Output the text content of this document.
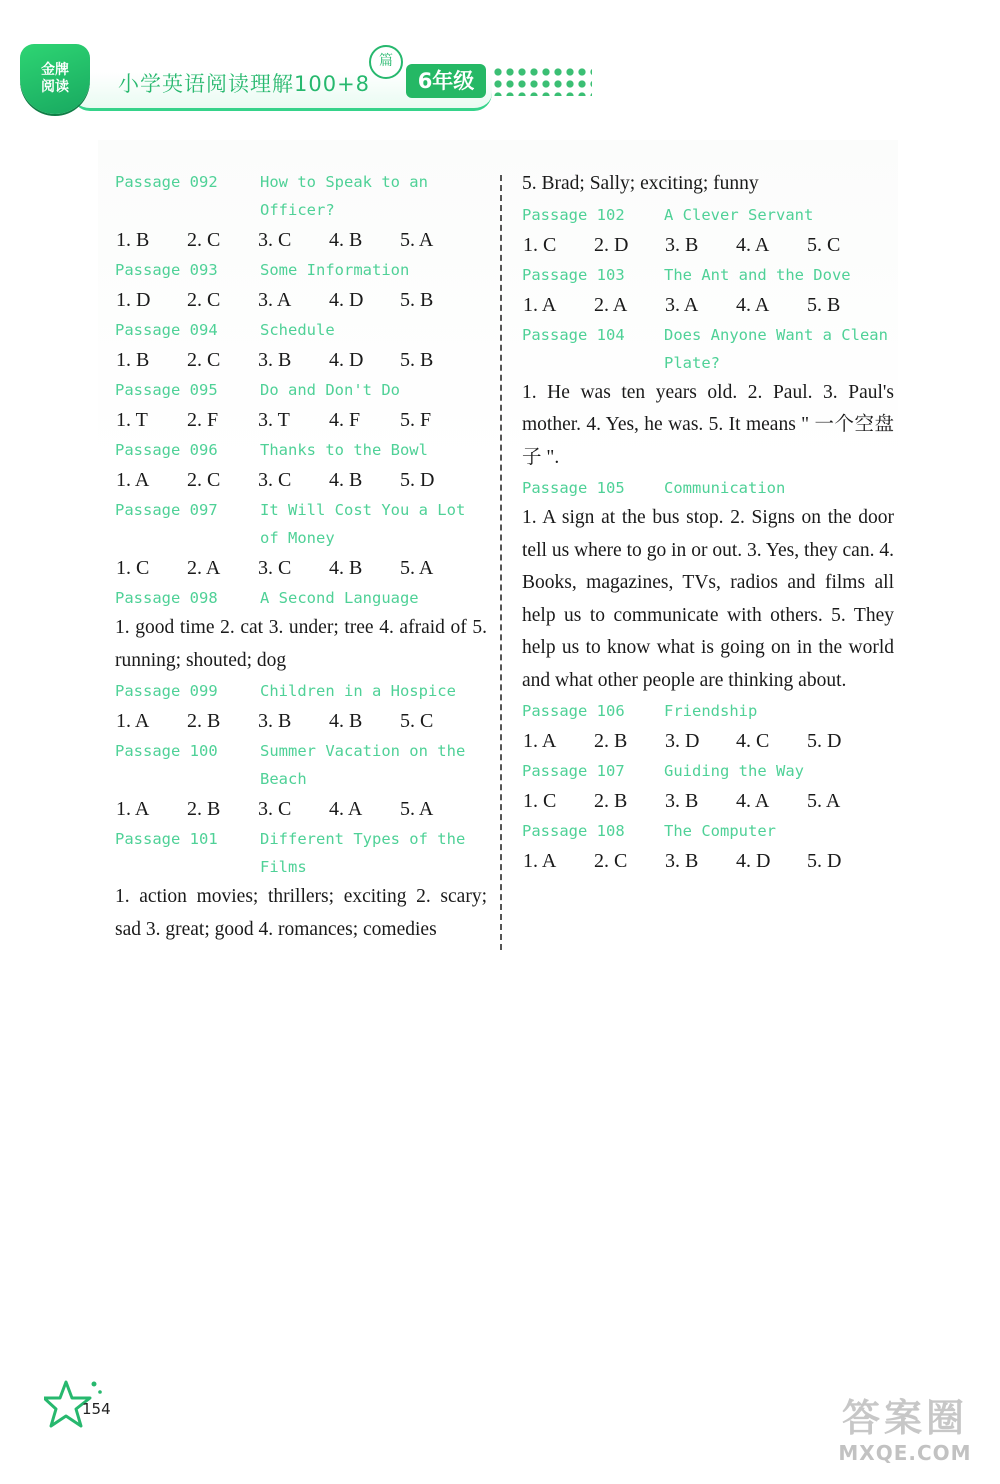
金牌
阅读	小学英语阅读理解100+8
篇
6年级
Passage 092	How to Speak to an Officer?
1. B	2. C	3. C	4. B	5. A
Passage 093	Some Information
1. D	2. C	3. A	4. D	5. B
Passage 094	Schedule
1. B	2. C	3. B	4. D	5. B
Passage 095	Do and Don't Do
1. T	2. F	3. T	4. F	5. F
Passage 096	Thanks to the Bowl
1. A	2. C	3. C	4. B	5. D
Passage 097	It Will Cost You a Lot of Money
1. C	2. A	3. C	4. B	5. A
Passage 098	A Second Language

1. good time 2. cat 3. under; tree 4. afraid of 5. running; shouted; dog

Passage 099	Children in a Hospice
1. A	2. B	3. B	4. B	5. C
Passage 100	Summer Vacation on the Beach
1. A	2. B	3. C	4. A	5. A
Passage 101	Different Types of the Films

1. action movies; thrillers; exciting 2. scary; sad 3. great; good 4. romances; comedies

5. Brad; Sally; exciting; funny

Passage 102	A Clever Servant
1. C	2. D	3. B	4. A	5. C
Passage 103	The Ant and the Dove
1. A	2. A	3. A	4. A	5. B
Passage 104	Does Anyone Want a Clean Plate?

1. He was ten years old. 2. Paul. 3. Paul's mother. 4. Yes, he was. 5. It means " 一个空盘子 ".

Passage 105	Communication

1. A sign at the bus stop. 2. Signs on the door tell us where to go in or out. 3. Yes, they can. 4. Books, magazines, TVs, radios and films all help us to communicate with others. 5. They help us to know what is going on in the world and what other people are thinking about.

Passage 106	Friendship
1. A	2. B	3. D	4. C	5. D
Passage 107	Guiding the Way
1. C	2. B	3. B	4. A	5. A
Passage 108	The Computer
1. A	2. C	3. B	4. D	5. D
154	答案圈
MXQE.COM
